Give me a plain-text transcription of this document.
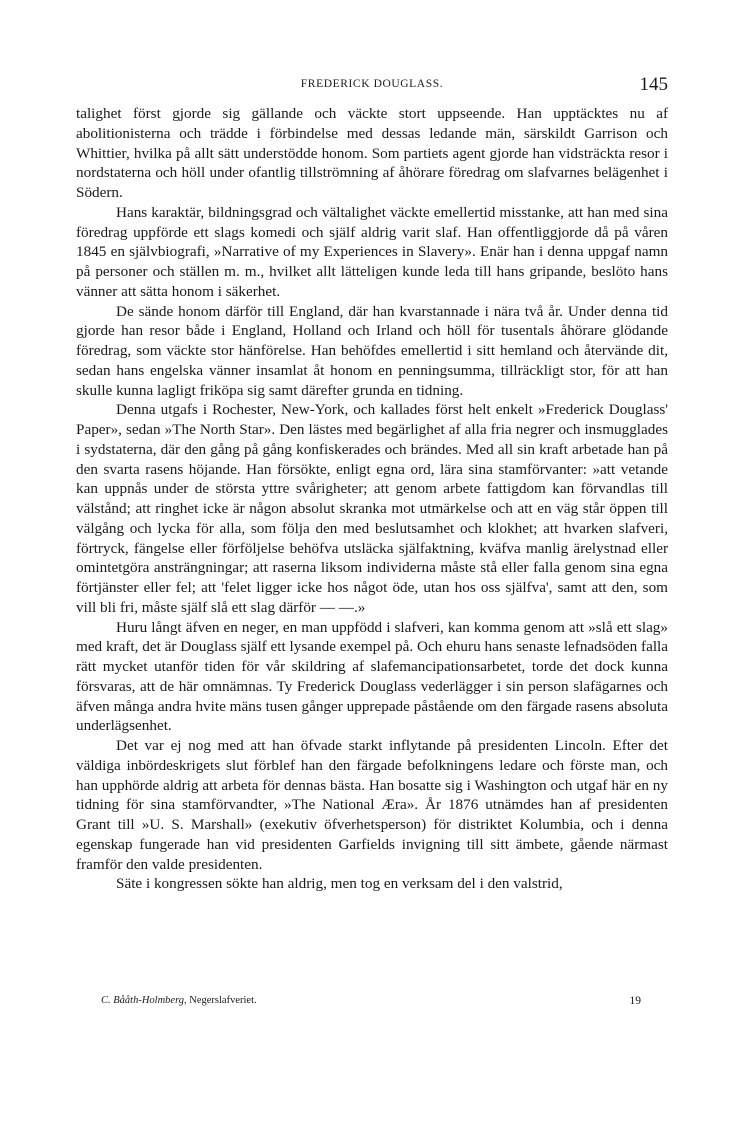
FREDERICK DOUGLASS.	145

talighet först gjorde sig gällande och väckte stort uppseende. Han upptäcktes nu af abolitionisterna och trädde i förbindelse med dessas ledande män, särskildt Garrison och Whittier, hvilka på allt sätt understödde honom. Som partiets agent gjorde han vidsträckta resor i nordstaterna och höll under ofantlig tillströmning af åhörare föredrag om slafvarnes belägenhet i Södern.

Hans karaktär, bildningsgrad och vältalighet väckte emellertid misstanke, att han med sina föredrag uppförde ett slags komedi och själf aldrig varit slaf. Han offentliggjorde då på våren 1845 en självbiografi, »Narrative of my Experiences in Slavery». Enär han i denna uppgaf namn på personer och ställen m. m., hvilket allt lätteligen kunde leda till hans gripande, beslöto hans vänner att sätta honom i säkerhet.

De sände honom därför till England, där han kvarstannade i nära två år. Under denna tid gjorde han resor både i England, Holland och Irland och höll för tusentals åhörare glödande föredrag, som väckte stor hänförelse. Han behöfdes emellertid i sitt hemland och återvände dit, sedan hans engelska vänner insamlat åt honom en penningsumma, tillräckligt stor, för att han skulle kunna lagligt friköpa sig samt därefter grunda en tidning.

Denna utgafs i Rochester, New-York, och kallades först helt enkelt »Frederick Douglass' Paper», sedan »The North Star». Den lästes med begärlighet af alla fria negrer och insmugglades i sydstaterna, där den gång på gång konfiskerades och brändes. Med all sin kraft arbetade han på den svarta rasens höjande. Han försökte, enligt egna ord, lära sina stamförvanter: »att vetande kan uppnås under de största yttre svårigheter; att genom arbete fattigdom kan förvandlas till välstånd; att ringhet icke är någon absolut skranka mot utmärkelse och att en väg står öppen till välgång och lycka för alla, som följa den med beslutsamhet och klokhet; att hvarken slafveri, förtryck, fängelse eller förföljelse behöfva utsläcka själfaktning, kväfva manlig ärelystnad eller omintetgöra ansträngningar; att raserna liksom individerna måste stå eller falla genom sina egna förtjänster eller fel; att 'felet ligger icke hos något öde, utan hos oss själfva', samt att den, som vill bli fri, måste själf slå ett slag därför — —.»

Huru långt äfven en neger, en man uppfödd i slafveri, kan komma genom att »slå ett slag» med kraft, det är Douglass själf ett lysande exempel på. Och ehuru hans senaste lefnadsöden falla rätt mycket utanför tiden för vår skildring af slafemancipationsarbetet, torde det dock kunna försvaras, att de här omnämnas. Ty Frederick Douglass vederlägger i sin person slafägarnes och äfven många andra hvite mäns tusen gånger upprepade påstående om den färgade rasens absoluta underlägsenhet.

Det var ej nog med att han öfvade starkt inflytande på presidenten Lincoln. Efter det väldiga inbördeskrigets slut förblef han den färgade befolkningens ledare och förste man, och han upphörde aldrig att arbeta för dennas bästa. Han bosatte sig i Washington och utgaf här en ny tidning för sina stamförvandter, »The National Æra». År 1876 utnämdes han af presidenten Grant till »U. S. Marshall» (exekutiv öfverhetsperson) för distriktet Kolumbia, och i denna egenskap fungerade han vid presidenten Garfields invigning till sitt ämbete, gående närmast framför den valde presidenten.

Säte i kongressen sökte han aldrig, men tog en verksam del i den valstrid,

C. Bååth-Holmberg, Negerslafveriet.	19
